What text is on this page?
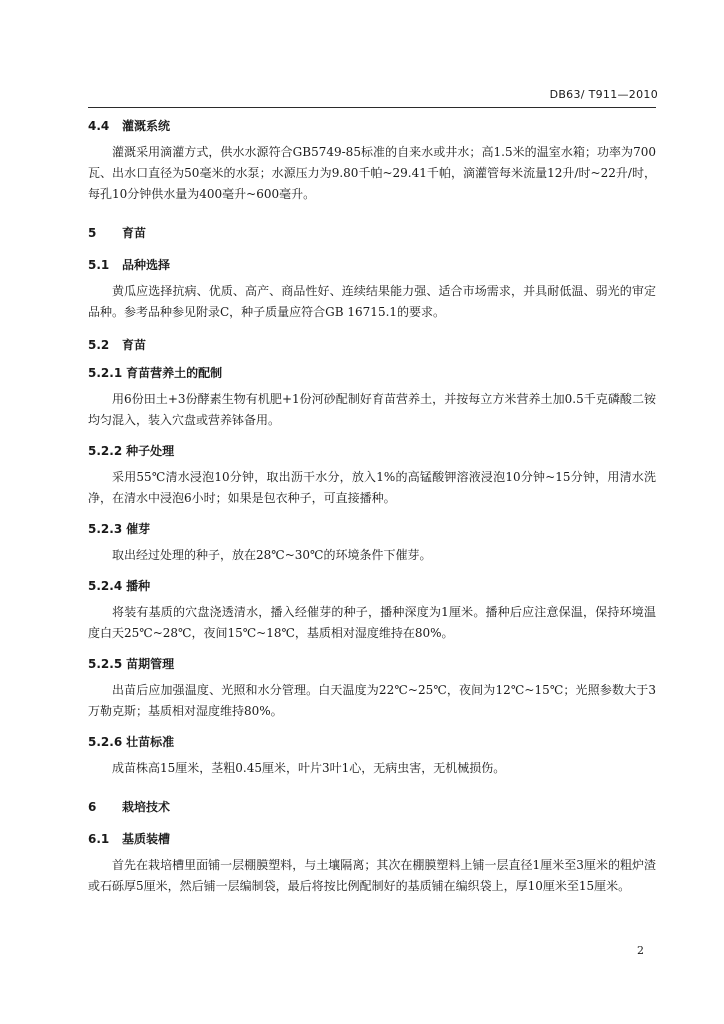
DB63/ T911—2010
4.4 灌溉系统

灌溉采用滴灌方式，供水水源符合GB5749-85标准的自来水或井水；高1.5米的温室水箱；功率为700瓦、出水口直径为50毫米的水泵；水源压力为9.80千帕~29.41千帕，滴灌管每米流量12升/时~22升/时，每孔10分钟供水量为400毫升~600毫升。

5 育苗
5.1 品种选择

黄瓜应选择抗病、优质、高产、商品性好、连续结果能力强、适合市场需求，并具耐低温、弱光的审定品种。参考品种参见附录C，种子质量应符合GB 16715.1的要求。

5.2 育苗
5.2.1 育苗营养土的配制

用6份田土+3份酵素生物有机肥+1份河砂配制好育苗营养土，并按每立方米营养土加0.5千克磷酸二铵均匀混入，装入穴盘或营养钵备用。

5.2.2 种子处理

采用55℃清水浸泡10分钟，取出沥干水分，放入1%的高锰酸钾溶液浸泡10分钟~15分钟，用清水洗净，在清水中浸泡6小时；如果是包衣种子，可直接播种。

5.2.3 催芽

取出经过处理的种子，放在28℃~30℃的环境条件下催芽。

5.2.4 播种

将装有基质的穴盘浇透清水，播入经催芽的种子，播种深度为1厘米。播种后应注意保温，保持环境温度白天25℃~28℃，夜间15℃~18℃，基质相对湿度维持在80%。

5.2.5 苗期管理

出苗后应加强温度、光照和水分管理。白天温度为22℃~25℃，夜间为12℃~15℃；光照参数大于3万勒克斯；基质相对湿度维持80%。

5.2.6 壮苗标准

成苗株高15厘米，茎粗0.45厘米，叶片3叶1心，无病虫害，无机械损伤。

6 栽培技术
6.1 基质装槽

首先在栽培槽里面铺一层棚膜塑料，与土壤隔离；其次在棚膜塑料上铺一层直径1厘米至3厘米的粗炉渣或石砾厚5厘米，然后铺一层编制袋，最后将按比例配制好的基质铺在编织袋上，厚10厘米至15厘米。

2
